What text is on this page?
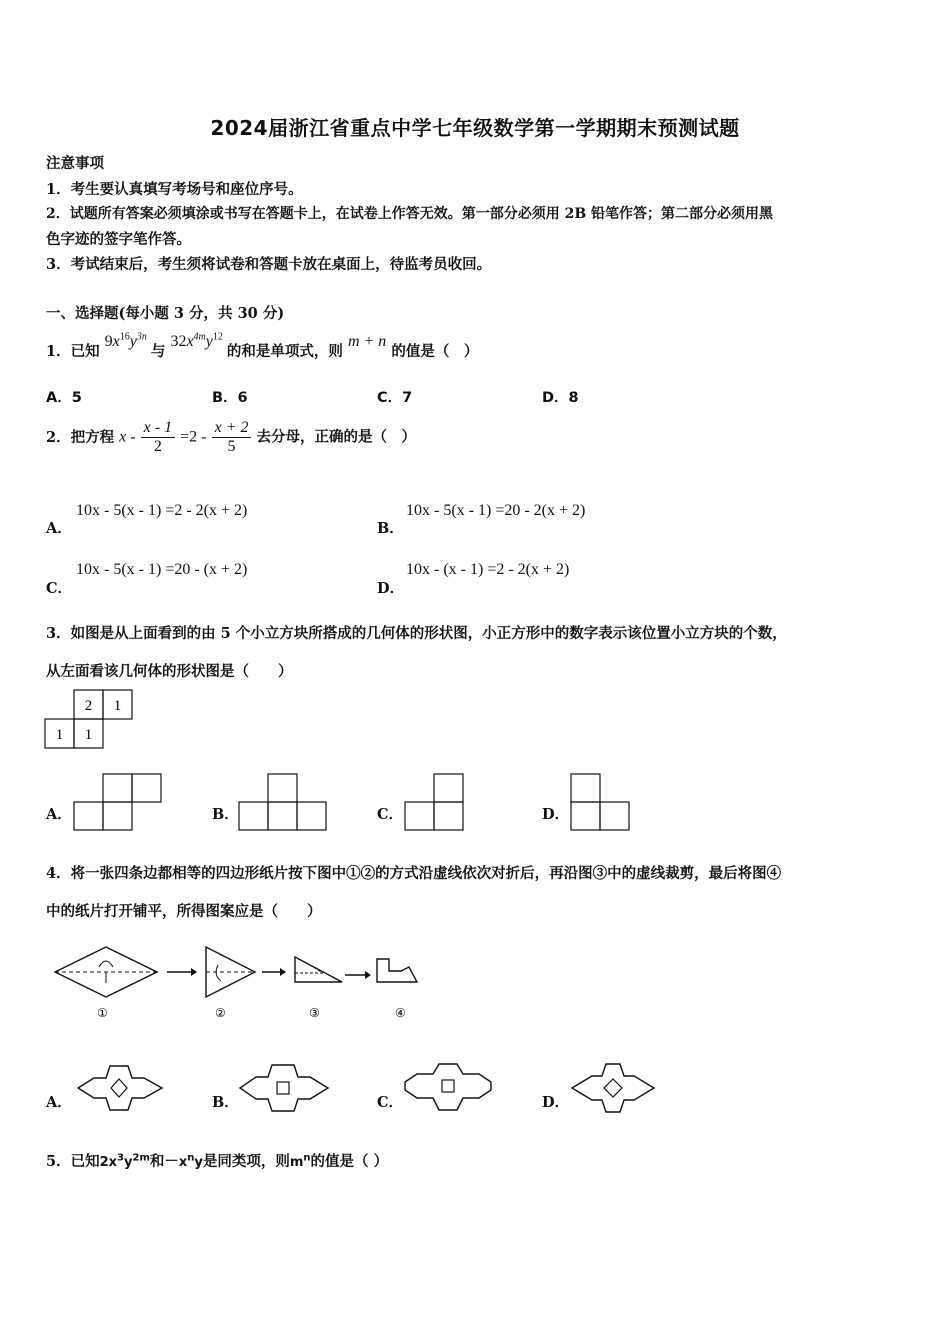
2024届浙江省重点中学七年级数学第一学期期末预测试题
注意事项
1．考生要认真填写考场号和座位序号。
2．试题所有答案必须填涂或书写在答题卡上，在试卷上作答无效。第一部分必须用 2B 铅笔作答；第二部分必须用黑
色字迹的签字笔作答。
3．考试结束后，考生须将试卷和答题卡放在桌面上，待监考员收回。
一、选择题(每小题 3 分，共 30 分)
1．已知 $9x^{16}y^{3n}$ 与 $32x^{4m}y^{12}$ 的和是单项式，则 m + n 的值是（　）
A．5	B．6	C．7	D．8
2．把方程 $x - \frac{x - 1}{2} =2 - \frac{x + 2}{5}$ 去分母，正确的是（　）
A．
10x - 5(x - 1) =2 - 2(x + 2)
B．
10x - 5(x - 1) =20 - 2(x + 2)
C．
10x - 5(x - 1) =20 - (x + 2)
D．
10x - (x - 1) =2 - 2(x + 2)
3．如图是从上面看到的由 5 个小立方块所搭成的几何体的形状图，小正方形中的数字表示该位置小立方块的个数，
从左面看该几何体的形状图是（　　）
2 1
1 1
A．	B．	C．	D．
4．将一张四条边都相等的四边形纸片按下图中①②的方式沿虚线依次对折后，再沿图③中的虚线裁剪，最后将图④
中的纸片打开铺平，所得图案应是（　　）
①	②	③	④
A．	B．	C．	D．
5．已知$2x^3y^{2m}$和$-x^ny$是同类项，则$m^n$的值是（ ）
